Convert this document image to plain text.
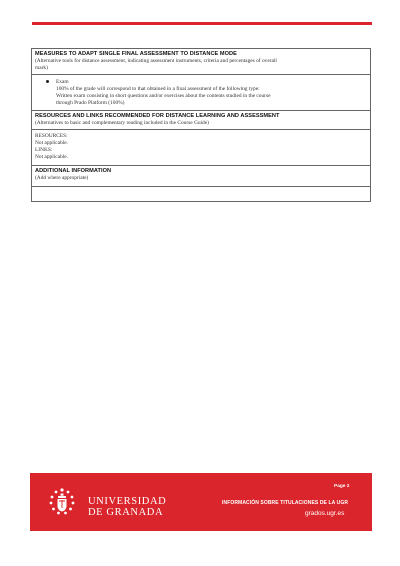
MEASURES TO ADAPT SINGLE FINAL ASSESSMENT TO DISTANCE MODE
(Alternative tools for distance assessment, indicating assessment instruments, criteria and percentages of overall
mark)
Exam
100% of the grade will correspond to that obtained in a final assessment of the following type:
Written exam consisting in short questions and/or exercises about the contents studied in the course
through Prado Platform (100%)
RESOURCES AND LINKS RECOMMENDED FOR DISTANCE LEARNING AND ASSESSMENT
(Alternatives to basic and complementary reading included in the Course Guide)
RESOURCES:
Not applicable.
LINKS:
Not applicable.
ADDITIONAL INFORMATION
(Add where appropriate)
UNIVERSIDAD
DE GRANADA
Page 2
INFORMACIÓN SOBRE TITULACIONES DE LA UGR
grados.ugr.es
